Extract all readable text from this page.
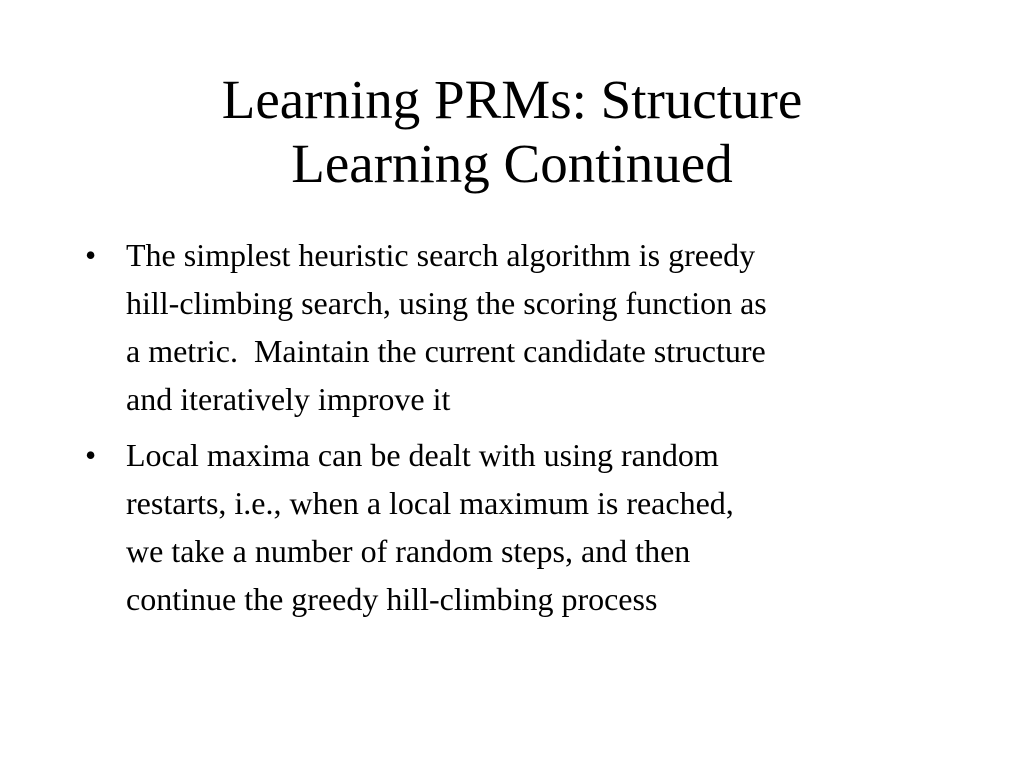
Learning PRMs: Structure
Learning Continued
• The simplest heuristic search algorithm is greedy
hill-climbing search, using the scoring function as
a metric.  Maintain the current candidate structure
and iteratively improve it
• Local maxima can be dealt with using random
restarts, i.e., when a local maximum is reached,
we take a number of random steps, and then
continue the greedy hill-climbing process
